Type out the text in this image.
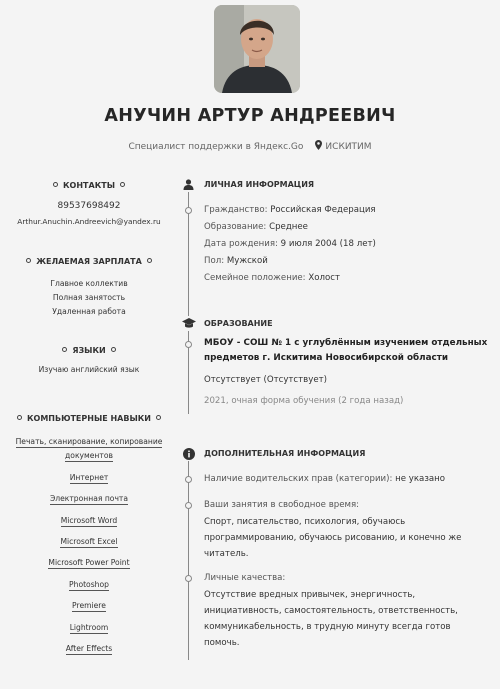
АНУЧИН АРТУР АНДРЕЕВИЧ
Специалист поддержки в Яндекс.Go ИСКИТИМ
КОНТАКТЫ
89537698492
Arthur.Anuchin.Andreevich@yandex.ru
ЖЕЛАЕМАЯ ЗАРПЛАТА
Главное коллектив
Полная занятость
Удаленная работа
ЯЗЫКИ
Изучаю английский язык
КОМПЬЮТЕРНЫЕ НАВЫКИ
Печать, сканирование, копирование
документов
Интернет
Электронная почта
Microsoft Word
Microsoft Excel
Microsoft Power Point
Photoshop
Premiere
Lightroom
After Effects
ЛИЧНАЯ ИНФОРМАЦИЯ
Гражданство: Российская Федерация
Образование: Среднее
Дата рождения: 9 июля 2004 (18 лет)
Пол: Мужской
Семейное положение: Холост
ОБРАЗОВАНИЕ
МБОУ - СОШ № 1 с углублённым изучением отдельных
предметов г. Искитима Новосибирской области
Отсутствует (Отсутствует)
2021, очная форма обучения (2 года назад)
ДОПОЛНИТЕЛЬНАЯ ИНФОРМАЦИЯ
Наличие водительских прав (категории): не указано
Ваши занятия в свободное время:
Спорт, писательство, психология, обучаюсь
программированию, обучаюсь рисованию, и конечно же
читатель.
Личные качества:
Отсутствие вредных привычек, энергичность,
инициативность, самостоятельность, ответственность,
коммуникабельность, в трудную минуту всегда готов
помочь.
